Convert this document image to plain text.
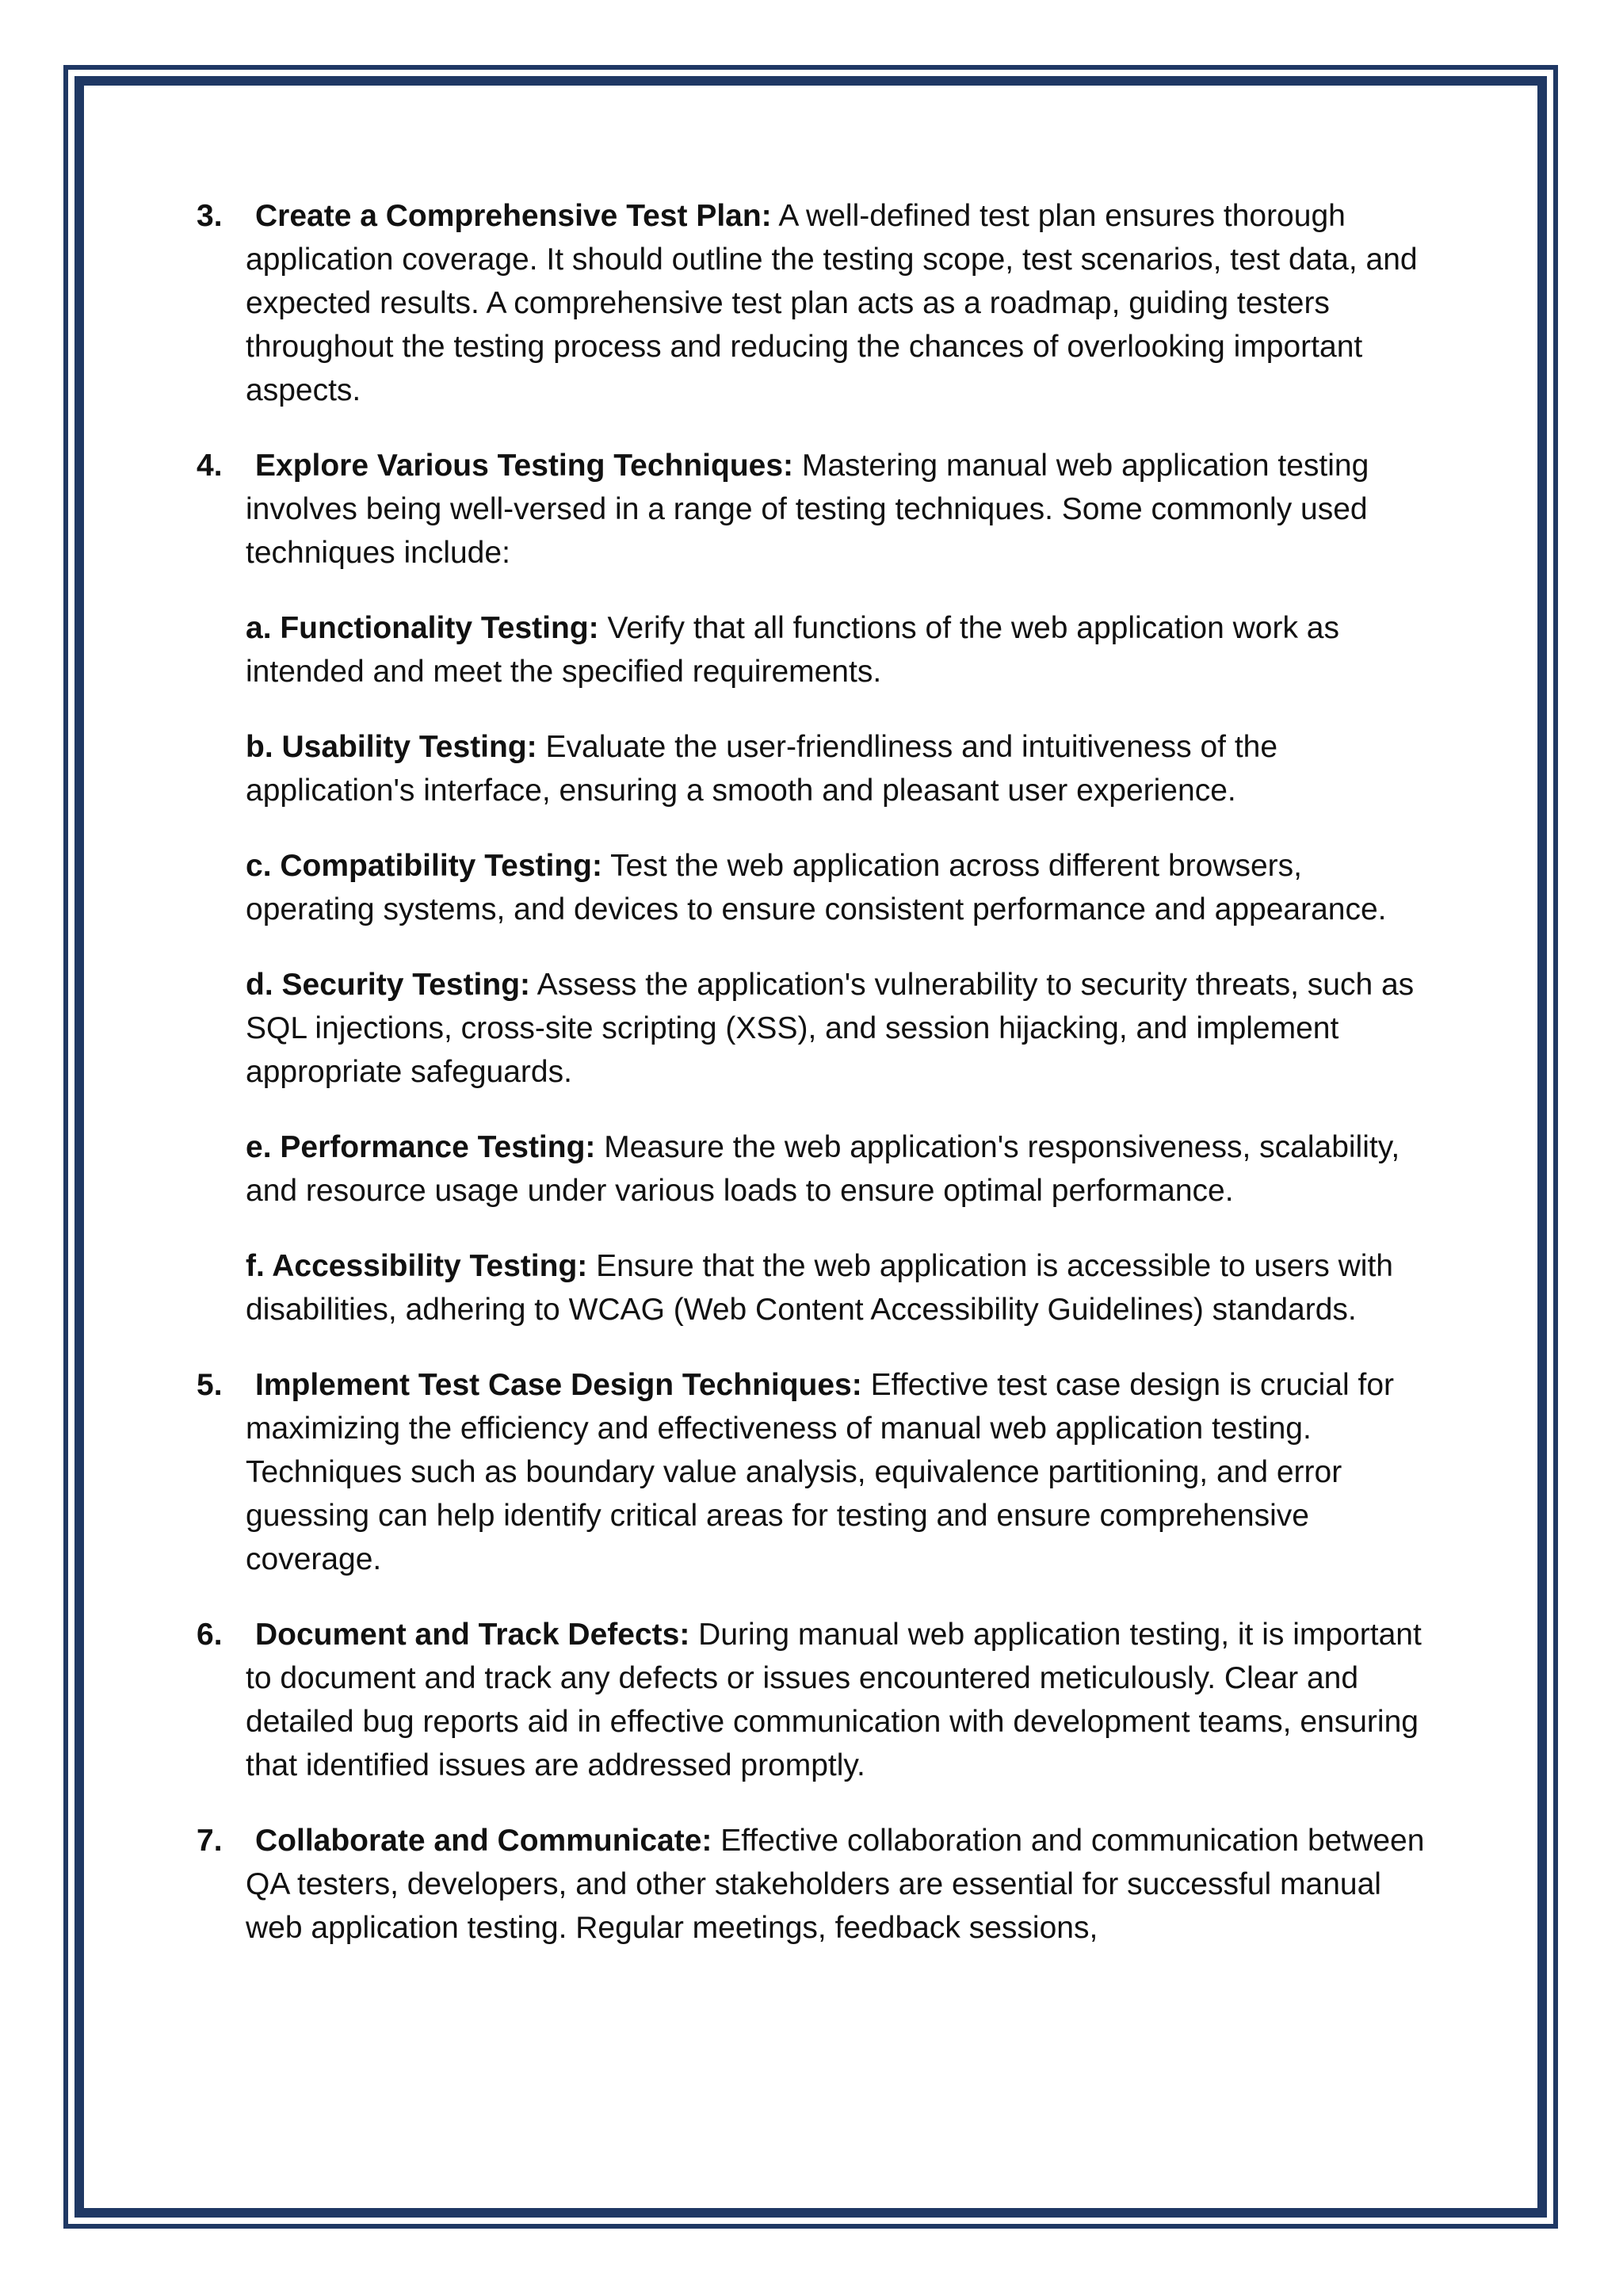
3. Create a Comprehensive Test Plan: A well-defined test plan ensures thorough application coverage. It should outline the testing scope, test scenarios, test data, and expected results. A comprehensive test plan acts as a roadmap, guiding testers throughout the testing process and reducing the chances of overlooking important aspects.
4. Explore Various Testing Techniques: Mastering manual web application testing involves being well-versed in a range of testing techniques. Some commonly used techniques include:
a. Functionality Testing: Verify that all functions of the web application work as intended and meet the specified requirements.
b. Usability Testing: Evaluate the user-friendliness and intuitiveness of the application's interface, ensuring a smooth and pleasant user experience.
c. Compatibility Testing: Test the web application across different browsers, operating systems, and devices to ensure consistent performance and appearance.
d. Security Testing: Assess the application's vulnerability to security threats, such as SQL injections, cross-site scripting (XSS), and session hijacking, and implement appropriate safeguards.
e. Performance Testing: Measure the web application's responsiveness, scalability, and resource usage under various loads to ensure optimal performance.
f. Accessibility Testing: Ensure that the web application is accessible to users with disabilities, adhering to WCAG (Web Content Accessibility Guidelines) standards.
5. Implement Test Case Design Techniques: Effective test case design is crucial for maximizing the efficiency and effectiveness of manual web application testing. Techniques such as boundary value analysis, equivalence partitioning, and error guessing can help identify critical areas for testing and ensure comprehensive coverage.
6. Document and Track Defects: During manual web application testing, it is important to document and track any defects or issues encountered meticulously. Clear and detailed bug reports aid in effective communication with development teams, ensuring that identified issues are addressed promptly.
7. Collaborate and Communicate: Effective collaboration and communication between QA testers, developers, and other stakeholders are essential for successful manual web application testing. Regular meetings, feedback sessions,
